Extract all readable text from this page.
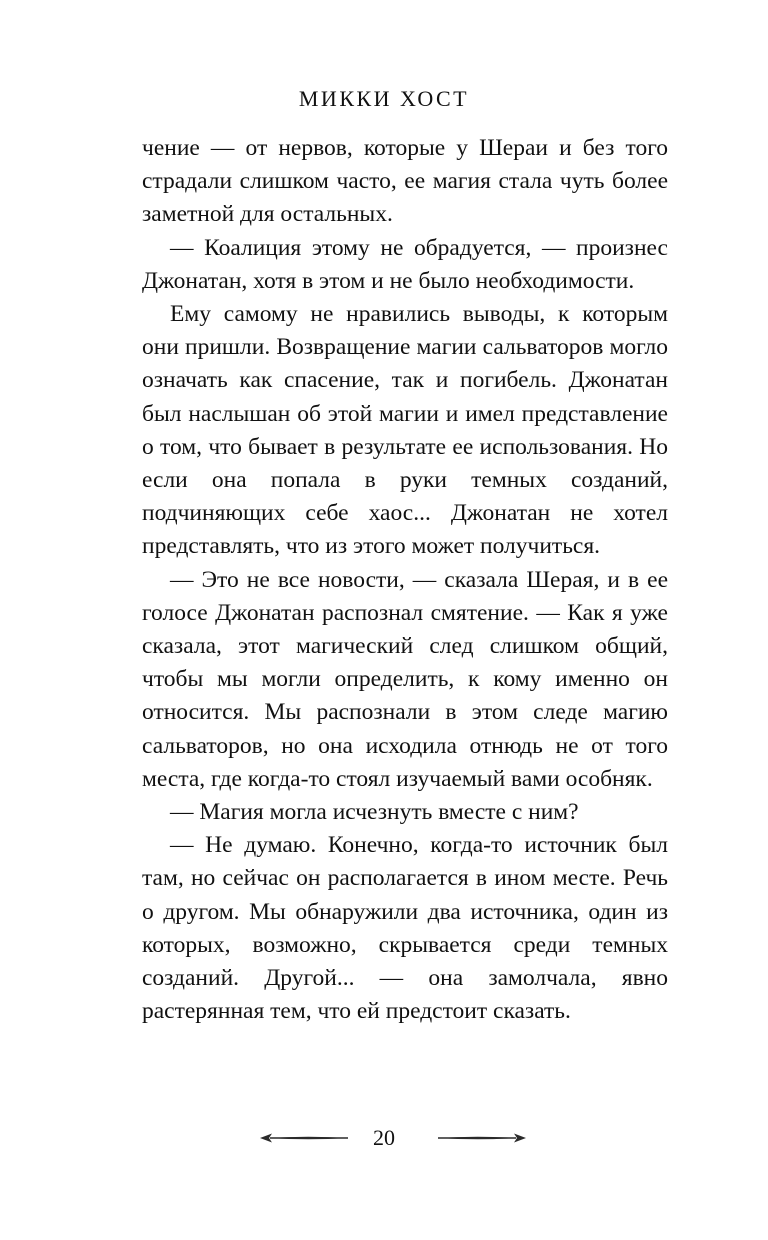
МИККИ ХОСТ

чение — от нервов, которые у Шераи и без того страдали слишком часто, ее магия стала чуть более заметной для остальных.

— Коалиция этому не обрадуется, — произнес Джонатан, хотя в этом и не было необходимости.

Ему самому не нравились выводы, к которым они пришли. Возвращение магии сальваторов могло означать как спасение, так и погибель. Джонатан был наслышан об этой магии и имел представление о том, что бывает в результате ее использования. Но если она попала в руки темных созданий, подчиняющих себе хаос... Джонатан не хотел представлять, что из этого может получиться.

— Это не все новости, — сказала Шерая, и в ее голосе Джонатан распознал смятение. — Как я уже сказала, этот магический след слишком общий, чтобы мы могли определить, к кому именно он относится. Мы распознали в этом следе магию сальваторов, но она исходила отнюдь не от того места, где когда-то стоял изучаемый вами особняк.

— Магия могла исчезнуть вместе с ним?

— Не думаю. Конечно, когда-то источник был там, но сейчас он располагается в ином месте. Речь о другом. Мы обнаружили два источника, один из которых, возможно, скрывается среди темных созданий. Другой... — она замолчала, явно растерянная тем, что ей предстоит сказать.

20
